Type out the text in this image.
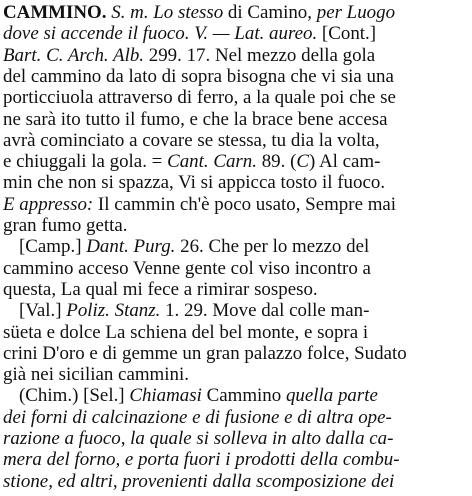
CAMMINO. S. m. Lo stesso di Camino, per Luogo
dove si accende il fuoco. V. — Lat. aureo. [Cont.]
Bart. C. Arch. Alb. 299. 17. Nel mezzo della gola
del cammino da lato di sopra bisogna che vi sia una
porticciuola attraverso di ferro, a la quale poi che se
ne sarà ito tutto il fumo, e che la brace bene accesa
avrà cominciato a covare se stessa, tu dia la volta,
e chiuggali la gola. = Cant. Carn. 89. (C) Al cam-
min che non si spazza, Vi si appicca tosto il fuoco.
E appresso: Il cammin ch'è poco usato, Sempre mai
gran fumo getta.
[Camp.] Dant. Purg. 26. Che per lo mezzo del
cammino acceso Venne gente col viso incontro a
questa, La qual mi fece a rimirar sospeso.
[Val.] Poliz. Stanz. 1. 29. Move dal colle man-
süeta e dolce La schiena del bel monte, e sopra i
crini D'oro e di gemme un gran palazzo folce, Sudato
già nei sicilian cammini.
(Chim.) [Sel.] Chiamasi Cammino quella parte
dei forni di calcinazione e di fusione e di altra ope-
razione a fuoco, la quale si solleva in alto dalla ca-
mera del forno, e porta fuori i prodotti della combu-
stione, ed altri, provenienti dalla scomposizione dei
